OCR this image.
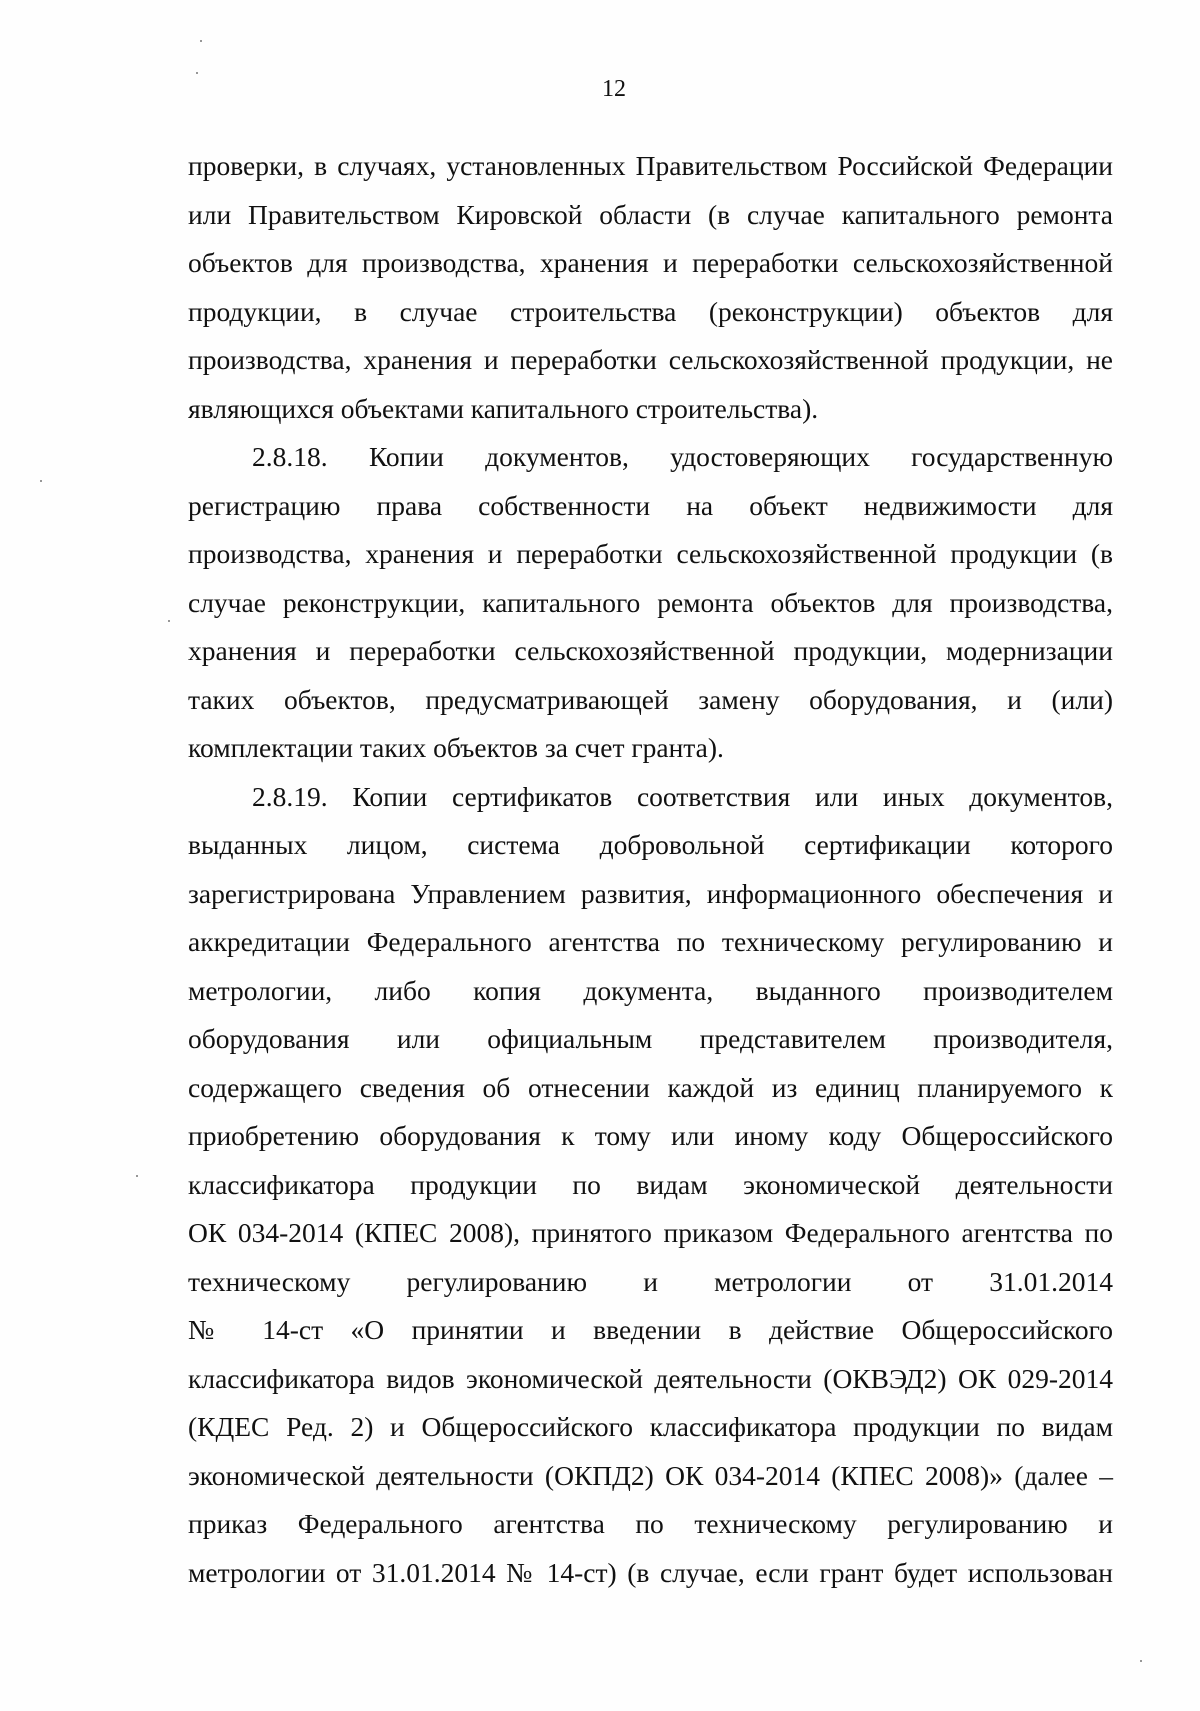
12
проверки, в случаях, установленных Правительством Российской Федерации
или Правительством Кировской области (в случае капитального ремонта
объектов для производства, хранения и переработки сельскохозяйственной
продукции, в случае строительства (реконструкции) объектов для
производства, хранения и переработки сельскохозяйственной продукции, не
являющихся объектами капитального строительства).
2.8.18. Копии документов, удостоверяющих государственную
регистрацию права собственности на объект недвижимости для
производства, хранения и переработки сельскохозяйственной продукции (в
случае реконструкции, капитального ремонта объектов для производства,
хранения и переработки сельскохозяйственной продукции, модернизации
таких объектов, предусматривающей замену оборудования, и (или)
комплектации таких объектов за счет гранта).
2.8.19. Копии сертификатов соответствия или иных документов,
выданных лицом, система добровольной сертификации которого
зарегистрирована Управлением развития, информационного обеспечения и
аккредитации Федерального агентства по техническому регулированию и
метрологии, либо копия документа, выданного производителем
оборудования или официальным представителем производителя,
содержащего сведения об отнесении каждой из единиц планируемого к
приобретению оборудования к тому или иному коду Общероссийского
классификатора продукции по видам экономической деятельности
ОК 034-2014 (КПЕС 2008), принятого приказом Федерального агентства по
техническому регулированию и метрологии от 31.01.2014
№ 14-ст «О принятии и введении в действие Общероссийского
классификатора видов экономической деятельности (ОКВЭД2) ОК 029-2014
(КДЕС Ред. 2) и Общероссийского классификатора продукции по видам
экономической деятельности (ОКПД2) ОК 034-2014 (КПЕС 2008)» (далее –
приказ Федерального агентства по техническому регулированию и
метрологии от 31.01.2014 № 14-ст) (в случае, если грант будет использован
